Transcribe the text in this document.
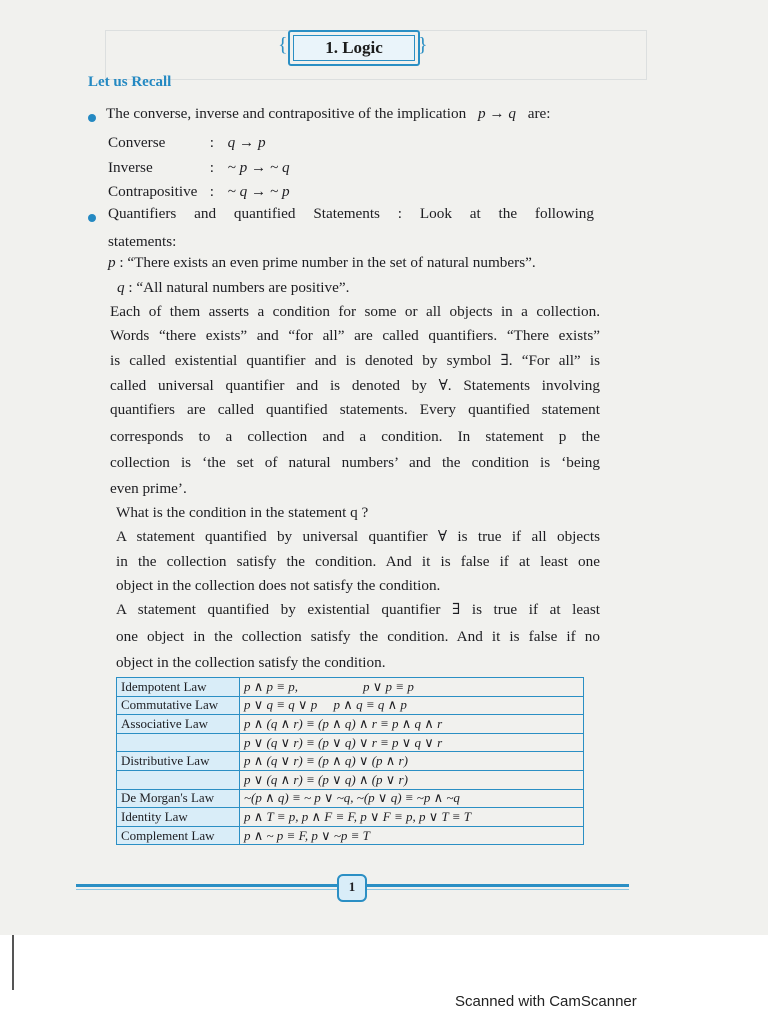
{ 1. Logic }
Let us Recall
The converse, inverse and contrapositive of the implication p → q are:
Converse	: q → p
Inverse	: ~ p → ~ q
Contrapositive : ~ q → ~ p
Quantifiers and quantified Statements : Look at the following
statements:
p : “There exists an even prime number in the set of natural numbers”.
q : “All natural numbers are positive”.
Each of them asserts a condition for some or all objects in a collection.
Words “there exists” and “for all” are called quantifiers. “There exists”
is called existential quantifier and is denoted by symbol ∃. “For all” is
called universal quantifier and is denoted by ∀. Statements involving
quantifiers are called quantified statements. Every quantified statement
corresponds to a collection and a condition. In statement p the
collection is ‘the set of natural numbers’ and the condition is ‘being
even prime’.
What is the condition in the statement q ?
A statement quantified by universal quantifier ∀ is true if all objects
in the collection satisfy the condition. And it is false if at least one
object in the collection does not satisfy the condition.
A statement quantified by existential quantifier ∃ is true if at least
one object in the collection satisfy the condition. And it is false if no
object in the collection satisfy the condition.
Idempotent Law	p ∧ p ≡ p,                    p ∨ p ≡ p
Commutative Law	p ∨ q ≡ q ∨ p     p ∧ q ≡ q ∧ p
Associative Law	p ∧ (q ∧ r) ≡ (p ∧ q) ∧ r ≡ p ∧ q ∧ r
	p ∨ (q ∨ r) ≡ (p ∨ q) ∨ r ≡ p ∨ q ∨ r
Distributive Law	p ∧ (q ∨ r) ≡ (p ∧ q) ∨ (p ∧ r)
	p ∨ (q ∧ r) ≡ (p ∨ q) ∧ (p ∨ r)
De Morgan's Law	~(p ∧ q) ≡ ~ p ∨ ~q, ~(p ∨ q) ≡ ~p ∧ ~q
Identity Law	p ∧ T ≡ p, p ∧ F ≡ F, p ∨ F ≡ p, p ∨ T ≡ T
Complement Law	p ∧ ~ p ≡ F, p ∨ ~p ≡ T
1
Scanned with CamScanner
